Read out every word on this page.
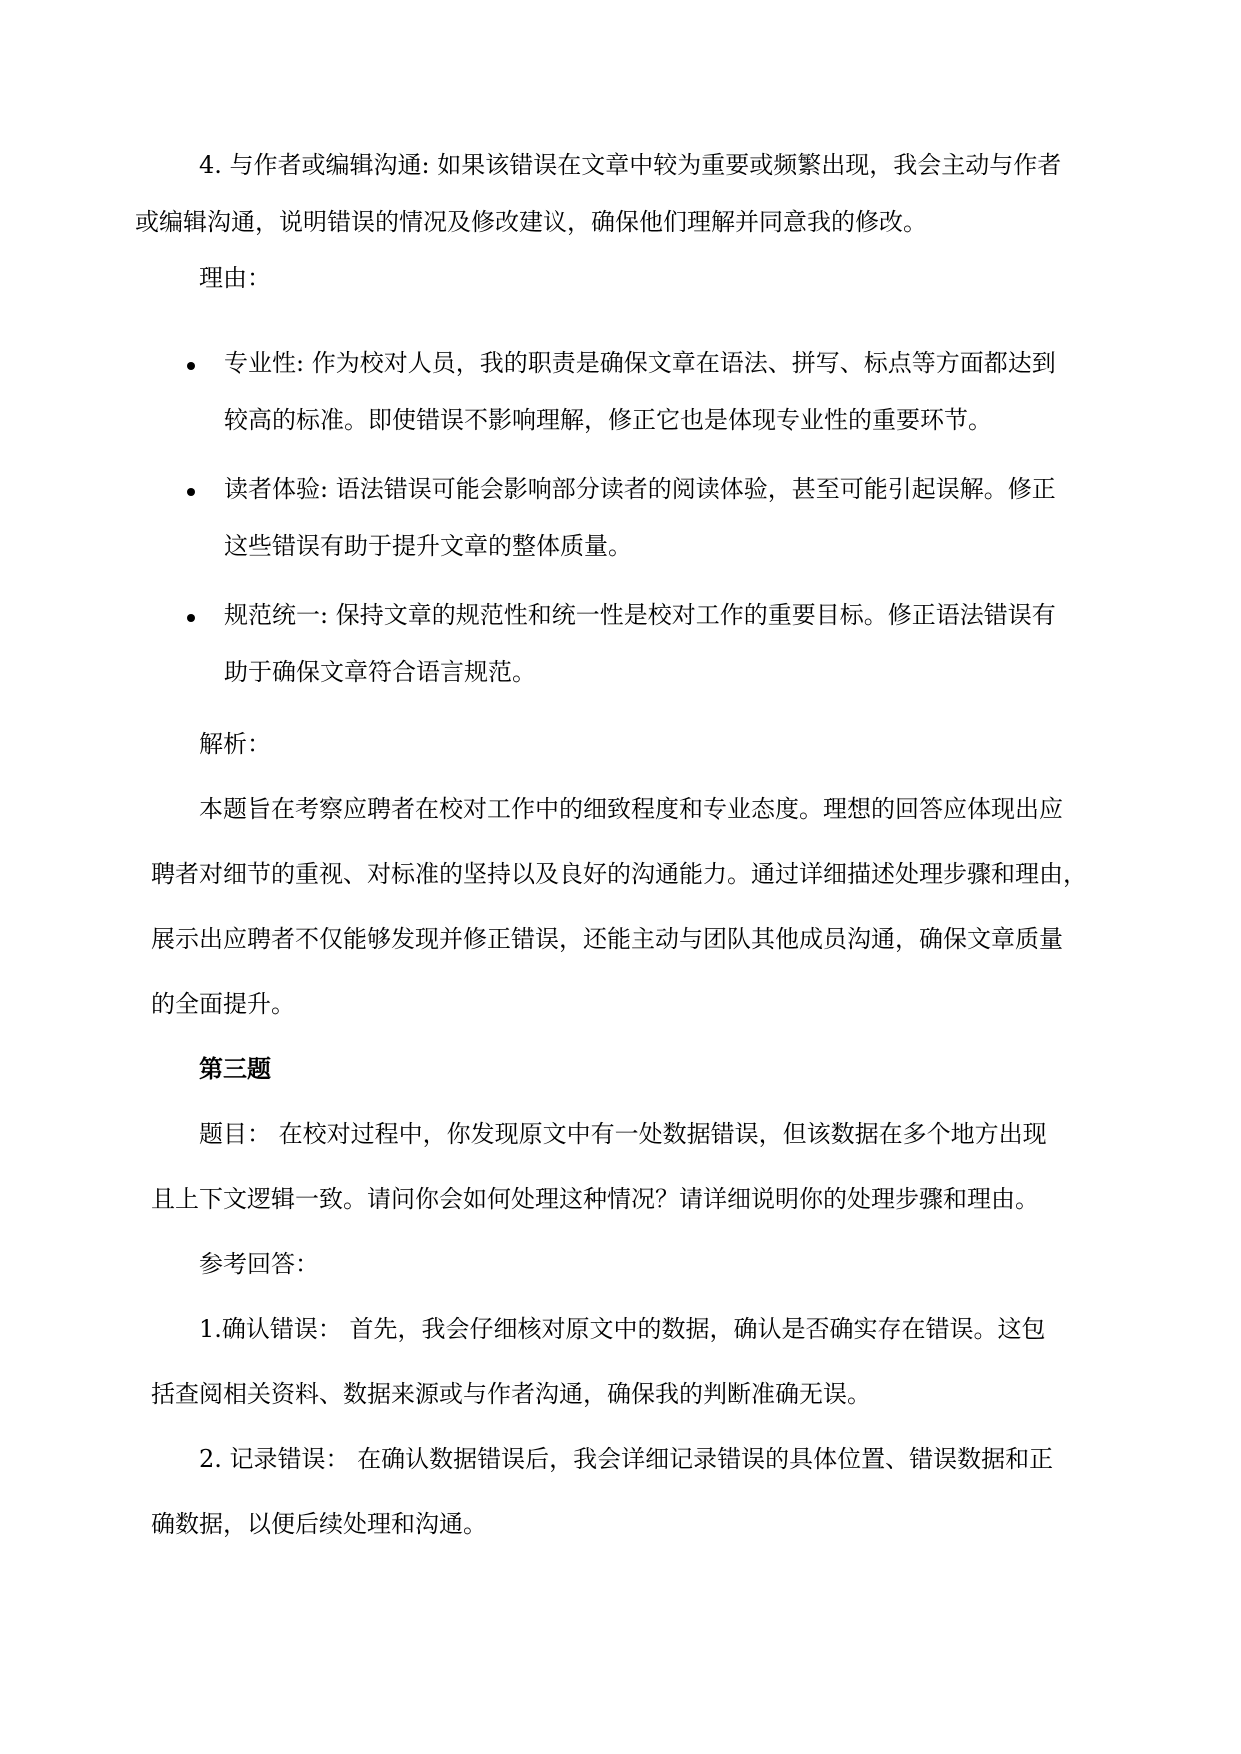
4. 与作者或编辑沟通: 如果该错误在文章中较为重要或频繁出现，我会主动与作者
或编辑沟通，说明错误的情况及修改建议，确保他们理解并同意我的修改。
理由：
专业性: 作为校对人员，我的职责是确保文章在语法、拼写、标点等方面都达到
较高的标准。即使错误不影响理解，修正它也是体现专业性的重要环节。
读者体验: 语法错误可能会影响部分读者的阅读体验，甚至可能引起误解。修正
这些错误有助于提升文章的整体质量。
规范统一: 保持文章的规范性和统一性是校对工作的重要目标。修正语法错误有
助于确保文章符合语言规范。
解析：
本题旨在考察应聘者在校对工作中的细致程度和专业态度。理想的回答应体现出应
聘者对细节的重视、对标准的坚持以及良好的沟通能力。通过详细描述处理步骤和理由，
展示出应聘者不仅能够发现并修正错误，还能主动与团队其他成员沟通，确保文章质量
的全面提升。
第三题
题目： 在校对过程中，你发现原文中有一处数据错误，但该数据在多个地方出现
且上下文逻辑一致。请问你会如何处理这种情况？请详细说明你的处理步骤和理由。
参考回答：
1.确认错误： 首先，我会仔细核对原文中的数据，确认是否确实存在错误。这包
括查阅相关资料、数据来源或与作者沟通，确保我的判断准确无误。
2. 记录错误： 在确认数据错误后，我会详细记录错误的具体位置、错误数据和正
确数据，以便后续处理和沟通。
